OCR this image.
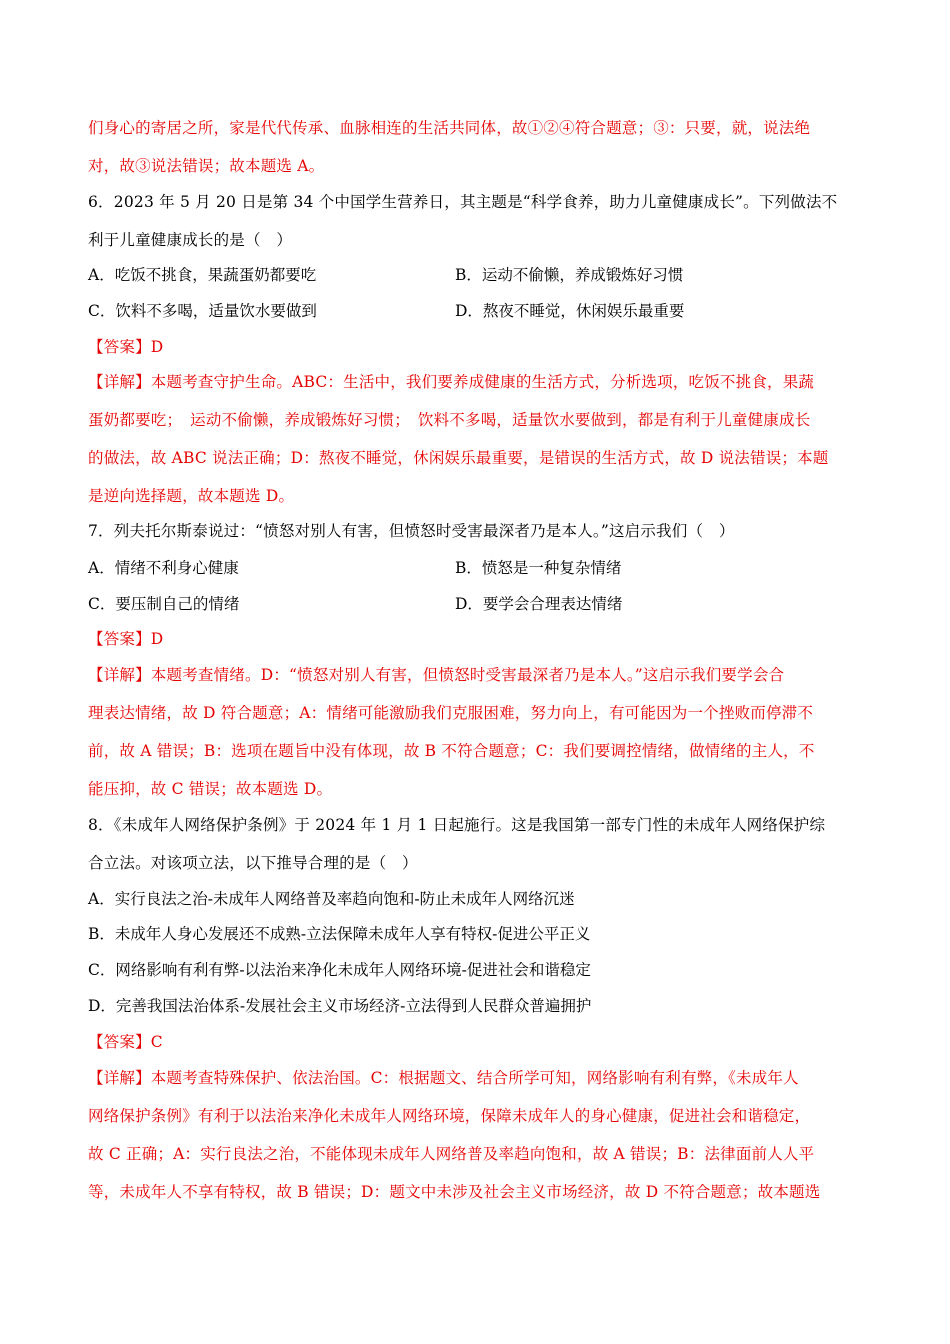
们身心的寄居之所，家是代代传承、血脉相连的生活共同体，故①②④符合题意；③：只要，就，说法绝
对，故③说法错误；故本题选 A。
6．2023 年 5 月 20 日是第 34 个中国学生营养日，其主题是“科学食养，助力儿童健康成长”。下列做法不
利于儿童健康成长的是（　）
A．吃饭不挑食，果蔬蛋奶都要吃	B．运动不偷懒，养成锻炼好习惯
C．饮料不多喝，适量饮水要做到	D．熬夜不睡觉，休闲娱乐最重要
【答案】D
【详解】本题考查守护生命。ABC：生活中，我们要养成健康的生活方式，分析选项，吃饭不挑食，果蔬
蛋奶都要吃；　运动不偷懒，养成锻炼好习惯；　饮料不多喝，适量饮水要做到，都是有利于儿童健康成长
的做法，故 ABC 说法正确；D：熬夜不睡觉，休闲娱乐最重要，是错误的生活方式，故 D 说法错误；本题
是逆向选择题，故本题选 D。
7．列夫托尔斯泰说过：“愤怒对别人有害，但愤怒时受害最深者乃是本人。”这启示我们（　）
A．情绪不利身心健康	B．愤怒是一种复杂情绪
C．要压制自己的情绪	D．要学会合理表达情绪
【答案】D
【详解】本题考查情绪。D：“愤怒对别人有害，但愤怒时受害最深者乃是本人。”这启示我们要学会合
理表达情绪，故 D 符合题意；A：情绪可能激励我们克服困难，努力向上，有可能因为一个挫败而停滞不
前，故 A 错误；B：选项在题旨中没有体现，故 B 不符合题意；C：我们要调控情绪，做情绪的主人，不
能压抑，故 C 错误；故本题选 D。
8．《未成年人网络保护条例》于 2024 年 1 月 1 日起施行。这是我国第一部专门性的未成年人网络保护综
合立法。对该项立法，以下推导合理的是（　）
A．实行良法之治-未成年人网络普及率趋向饱和-防止未成年人网络沉迷
B．未成年人身心发展还不成熟-立法保障未成年人享有特权-促进公平正义
C．网络影响有利有弊-以法治来净化未成年人网络环境-促进社会和谐稳定
D．完善我国法治体系-发展社会主义市场经济-立法得到人民群众普遍拥护
【答案】C
【详解】本题考查特殊保护、依法治国。C：根据题文、结合所学可知，网络影响有利有弊，《未成年人
网络保护条例》有利于以法治来净化未成年人网络环境，保障未成年人的身心健康，促进社会和谐稳定，
故 C 正确；A：实行良法之治，不能体现未成年人网络普及率趋向饱和，故 A 错误；B：法律面前人人平
等，未成年人不享有特权，故 B 错误；D：题文中未涉及社会主义市场经济，故 D 不符合题意；故本题选
